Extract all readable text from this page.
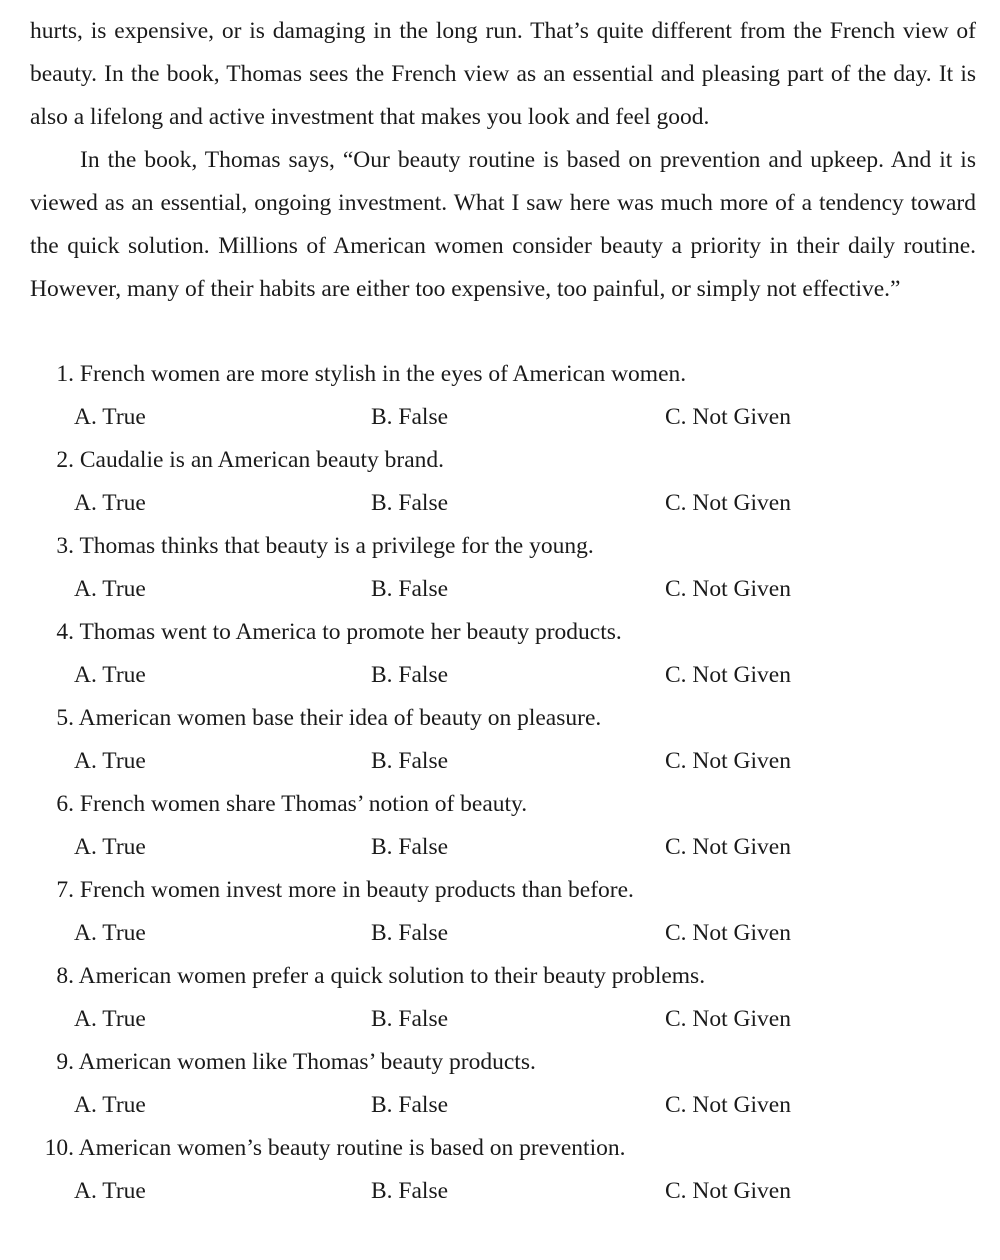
hurts, is expensive, or is damaging in the long run. That’s quite different from the French view of beauty. In the book, Thomas sees the French view as an essential and pleasing part of the day. It is also a lifelong and active investment that makes you look and feel good.

In the book, Thomas says, “Our beauty routine is based on prevention and upkeep. And it is viewed as an essential, ongoing investment. What I saw here was much more of a tendency toward the quick solution. Millions of American women consider beauty a priority in their daily routine. However, many of their habits are either too expensive, too painful, or simply not effective.”

1. French women are more stylish in the eyes of American women.
A. True	B. False	C. Not Given
2. Caudalie is an American beauty brand.
A. True	B. False	C. Not Given
3. Thomas thinks that beauty is a privilege for the young.
A. True	B. False	C. Not Given
4. Thomas went to America to promote her beauty products.
A. True	B. False	C. Not Given
5. American women base their idea of beauty on pleasure.
A. True	B. False	C. Not Given
6. French women share Thomas’ notion of beauty.
A. True	B. False	C. Not Given
7. French women invest more in beauty products than before.
A. True	B. False	C. Not Given
8. American women prefer a quick solution to their beauty problems.
A. True	B. False	C. Not Given
9. American women like Thomas’ beauty products.
A. True	B. False	C. Not Given
10. American women’s beauty routine is based on prevention.
A. True	B. False	C. Not Given
